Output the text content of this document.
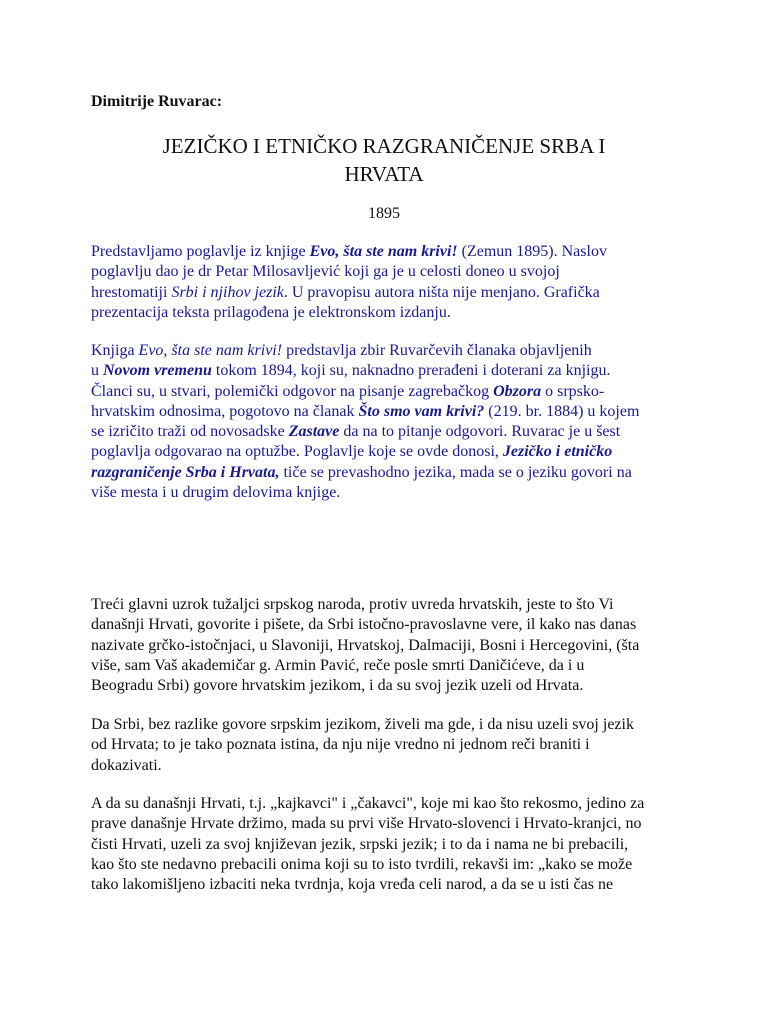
Dimitrije Ruvarac:

JEZIČKO I ETNIČKO RAZGRANIČENJE SRBA I
HRVATA

1895

Predstavljamo poglavlje iz knjige Evo, šta ste nam krivi! (Zemun 1895). Naslov
poglavlju dao je dr Petar Milosavljević koji ga je u celosti doneo u svojoj
hrestomatiji Srbi i njihov jezik. U pravopisu autora ništa nije menjano. Grafička
prezentacija teksta prilagođena je elektronskom izdanju.

Knjiga Evo, šta ste nam krivi! predstavlja zbir Ruvarčevih članaka objavljenih
u Novom vremenu tokom 1894, koji su, naknadno prerađeni i doterani za knjigu.
Članci su, u stvari, polemički odgovor na pisanje zagrebačkog Obzora o srpsko-
hrvatskim odnosima, pogotovo na članak Što smo vam krivi? (219. br. 1884) u kojem
se izričito traži od novosadske Zastave da na to pitanje odgovori. Ruvarac je u šest
poglavlja odgovarao na optužbe. Poglavlje koje se ovde donosi, Jezičko i etničko
razgraničenje Srba i Hrvata, tiče se prevashodno jezika, mada se o jeziku govori na
više mesta i u drugim delovima knjige.

Treći glavni uzrok tužaljci srpskog naroda, protiv uvreda hrvatskih, jeste to što Vi
današnji Hrvati, govorite i pišete, da Srbi istočno-pravoslavne vere, il kako nas danas
nazivate grčko-istočnjaci, u Slavoniji, Hrvatskoj, Dalmaciji, Bosni i Hercegovini, (šta
više, sam Vaš akademičar g. Armin Pavić, reče posle smrti Daničićeve, da i u
Beogradu Srbi) govore hrvatskim jezikom, i da su svoj jezik uzeli od Hrvata.

Da Srbi, bez razlike govore srpskim jezikom, živeli ma gde, i da nisu uzeli svoj jezik
od Hrvata; to je tako poznata istina, da nju nije vredno ni jednom reči braniti i
dokazivati.

A da su današnji Hrvati, t.j. „kajkavci" i „čakavci", koje mi kao što rekosmo, jedino za
prave današnje Hrvate držimo, mada su prvi više Hrvato-slovenci i Hrvato-kranjci, no
čisti Hrvati, uzeli za svoj književan jezik, srpski jezik; i to da i nama ne bi prebacili,
kao što ste nedavno prebacili onima koji su to isto tvrdili, rekavši im: „kako se može
tako lakomišljeno izbaciti neka tvrdnja, koja vređa celi narod, a da se u isti čas ne
